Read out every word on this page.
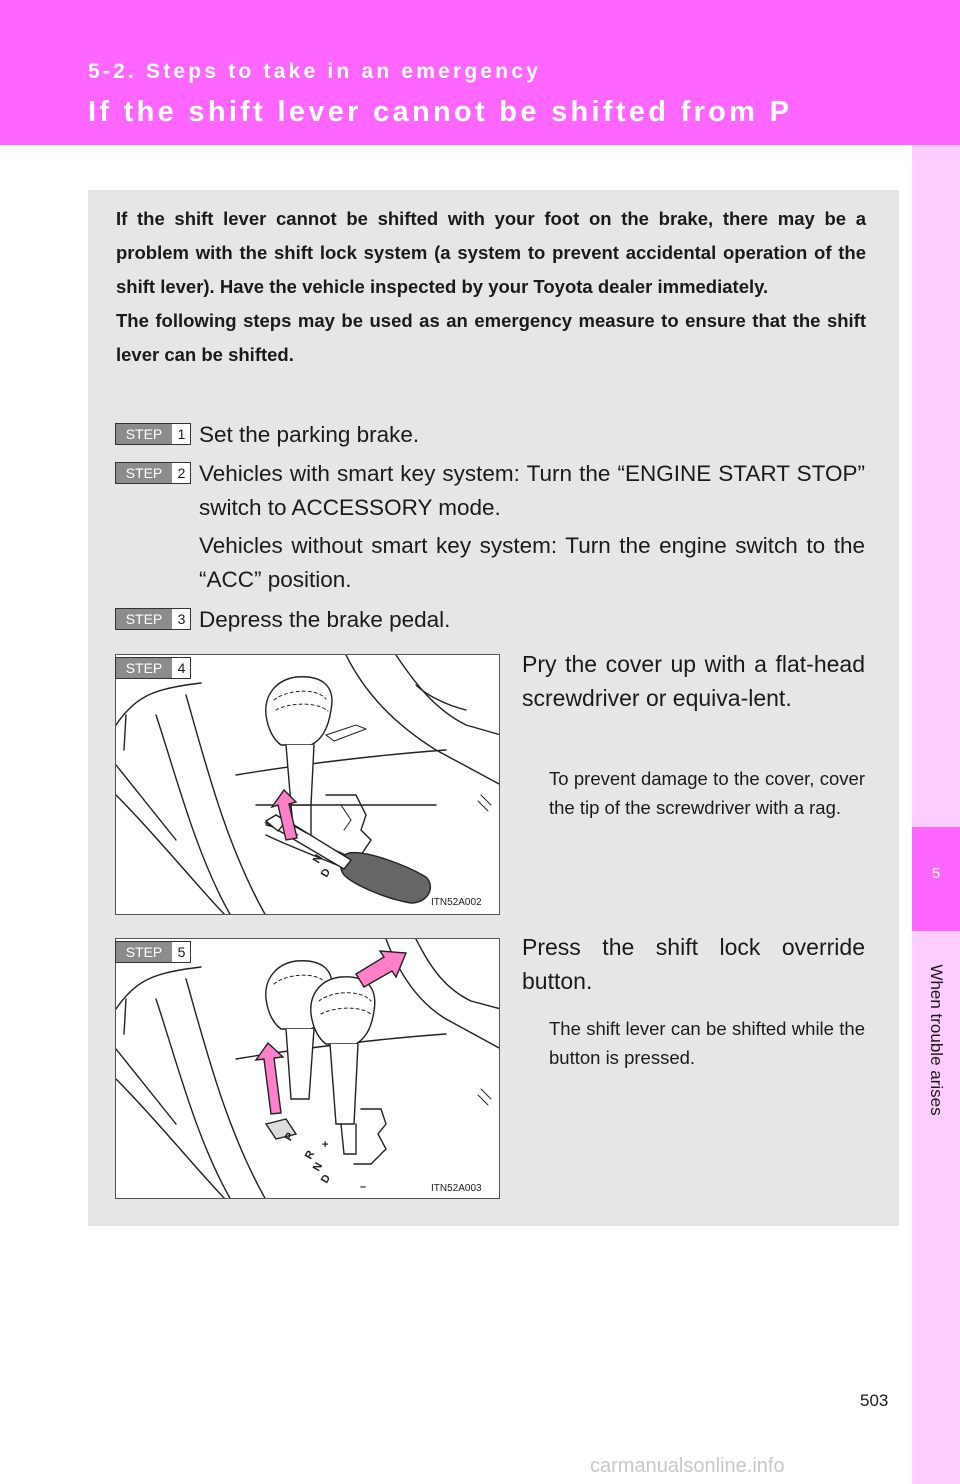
5-2. Steps to take in an emergency
If the shift lever cannot be shifted from P
5
When trouble arises

If the shift lever cannot be shifted with your foot on the brake, there may be a problem with the shift lock system (a system to prevent accidental operation of the shift lever). Have the vehicle inspected by your Toyota dealer immediately.

The following steps may be used as an emergency measure to ensure that the shift lever can be shifted.

STEP	1 Set the parking brake.

STEP	2 Vehicles with smart key system: Turn the “ENGINE START STOP” switch to ACCESSORY mode.

Vehicles without smart key system: Turn the engine switch to the “ACC” position.

STEP	3 Depress the brake pedal.

N
D
STEP	4
ITN52A002
Pry the cover up with a flat-head screwdriver or equiva-lent.
To prevent damage to the cover, cover the tip of the screwdriver with a rag.
P
R
N
D
+
–
STEP	5
ITN52A003
Press the shift lock override button.
The shift lever can be shifted while the button is pressed.
503
carmanualsonline.info
